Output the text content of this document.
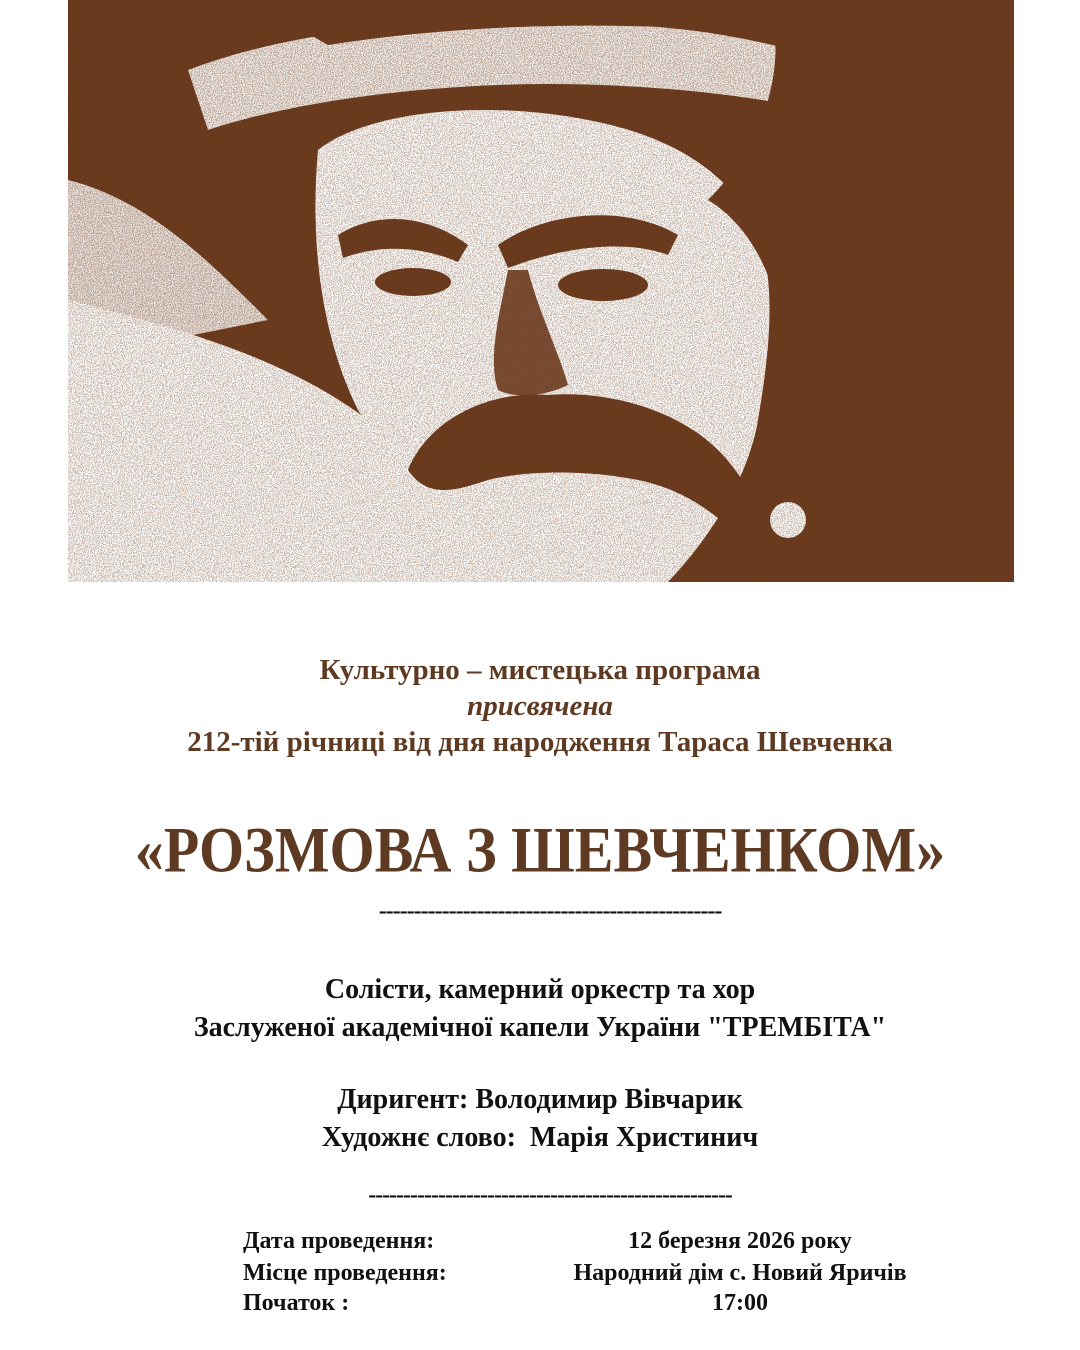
Культурно – мистецька програма
присвячена
212-тій річниці від дня народження Тараса Шевченка
«РОЗМОВА З ШЕВЧЕНКОМ»
-------------------------------------------------
Солісти, камерний оркестр та хор
Заслуженої академічної капели України "ТРЕМБІТА"
Диригент: Володимир Вівчарик
Художнє слово:  Марія Христинич
----------------------------------------------------
Дата проведення:	12 березня 2026 року
Місце проведення:	Народний дім с. Новий Яричів
Початок :	17:00
